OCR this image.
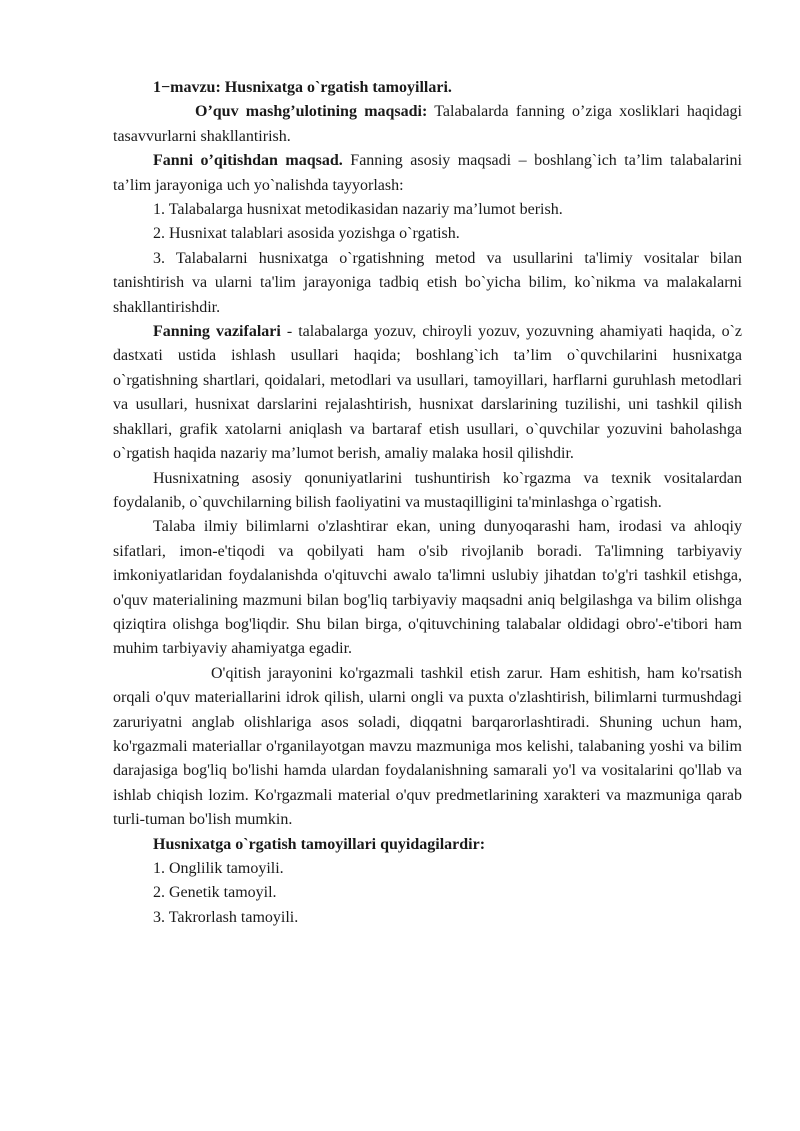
1−mavzu: Husnixatga o`rgatish tamoyillari.

O’quv mashg’ulotining maqsadi: Talabalarda fanning o’ziga xosliklari haqidagi tasavvurlarni shakllantirish.

Fanni o’qitishdan maqsad. Fanning asosiy maqsadi – boshlang`ich ta’lim talabalarini ta’lim jarayoniga uch yo`nalishda tayyorlash:

1. Talabalarga husnixat metodikasidan nazariy ma’lumot berish.

2. Husnixat talablari asosida yozishga o`rgatish.

3. Talabalarni husnixatga o`rgatishning metod va usullarini ta'limiy vositalar bilan tanishtirish va ularni ta'lim jarayoniga tadbiq etish bo`yicha bilim, ko`nikma va malakalarni shakllantirishdir.

Fanning vazifalari - talabalarga yozuv, chiroyli yozuv, yozuvning ahamiyati haqida, o`z dastxati ustida ishlash usullari haqida; boshlang`ich ta’lim o`quvchilarini husnixatga o`rgatishning shartlari, qoidalari, metodlari va usullari, tamoyillari, harflarni guruhlash metodlari va usullari, husnixat darslarini rejalashtirish, husnixat darslarining tuzilishi, uni tashkil qilish shakllari, grafik xatolarni aniqlash va bartaraf etish usullari, o`quvchilar yozuvini baholashga o`rgatish haqida nazariy ma’lumot berish, amaliy malaka hosil qilishdir.

Husnixatning asosiy qonuniyatlarini tushuntirish ko`rgazma va texnik vositalardan foydalanib, o`quvchilarning bilish faoliyatini va mustaqilligini ta'minlashga o`rgatish.

Talaba ilmiy bilimlarni o'zlashtirar ekan, uning dunyoqarashi ham, irodasi va ahloqiy sifatlari, imon-e'tiqodi va qobilyati ham o'sib rivojlanib boradi. Ta'limning tarbiyaviy imkoniyatlaridan foydalanishda o'qituvchi awalo ta'limni uslubiy jihatdan to'g'ri tashkil etishga, o'quv materialining mazmuni bilan bog'liq tarbiyaviy maqsadni aniq belgilashga va bilim olishga qiziqtira olishga bog'liqdir. Shu bilan birga, o'qituvchining talabalar oldidagi obro'-e'tibori ham muhim tarbiyaviy ahamiyatga egadir.

O'qitish jarayonini ko'rgazmali tashkil etish zarur. Ham eshitish, ham ko'rsatish orqali o'quv materiallarini idrok qilish, ularni ongli va puxta o'zlashtirish, bilimlarni turmushdagi zaruriyatni anglab olishlariga asos soladi, diqqatni barqarorlashtiradi. Shuning uchun ham, ko'rgazmali materiallar o'rganilayotgan mavzu mazmuniga mos kelishi, talabaning yoshi va bilim darajasiga bog'liq bo'lishi hamda ulardan foydalanishning samarali yo'l va vositalarini qo'llab va ishlab chiqish lozim. Ko'rgazmali material o'quv predmetlarining xarakteri va mazmuniga qarab turli-tuman bo'lish mumkin.

Husnixatga o`rgatish tamoyillari quyidagilardir:

1. Onglilik tamoyili.

2. Genetik tamoyil.

3. Takrorlash tamoyili.
